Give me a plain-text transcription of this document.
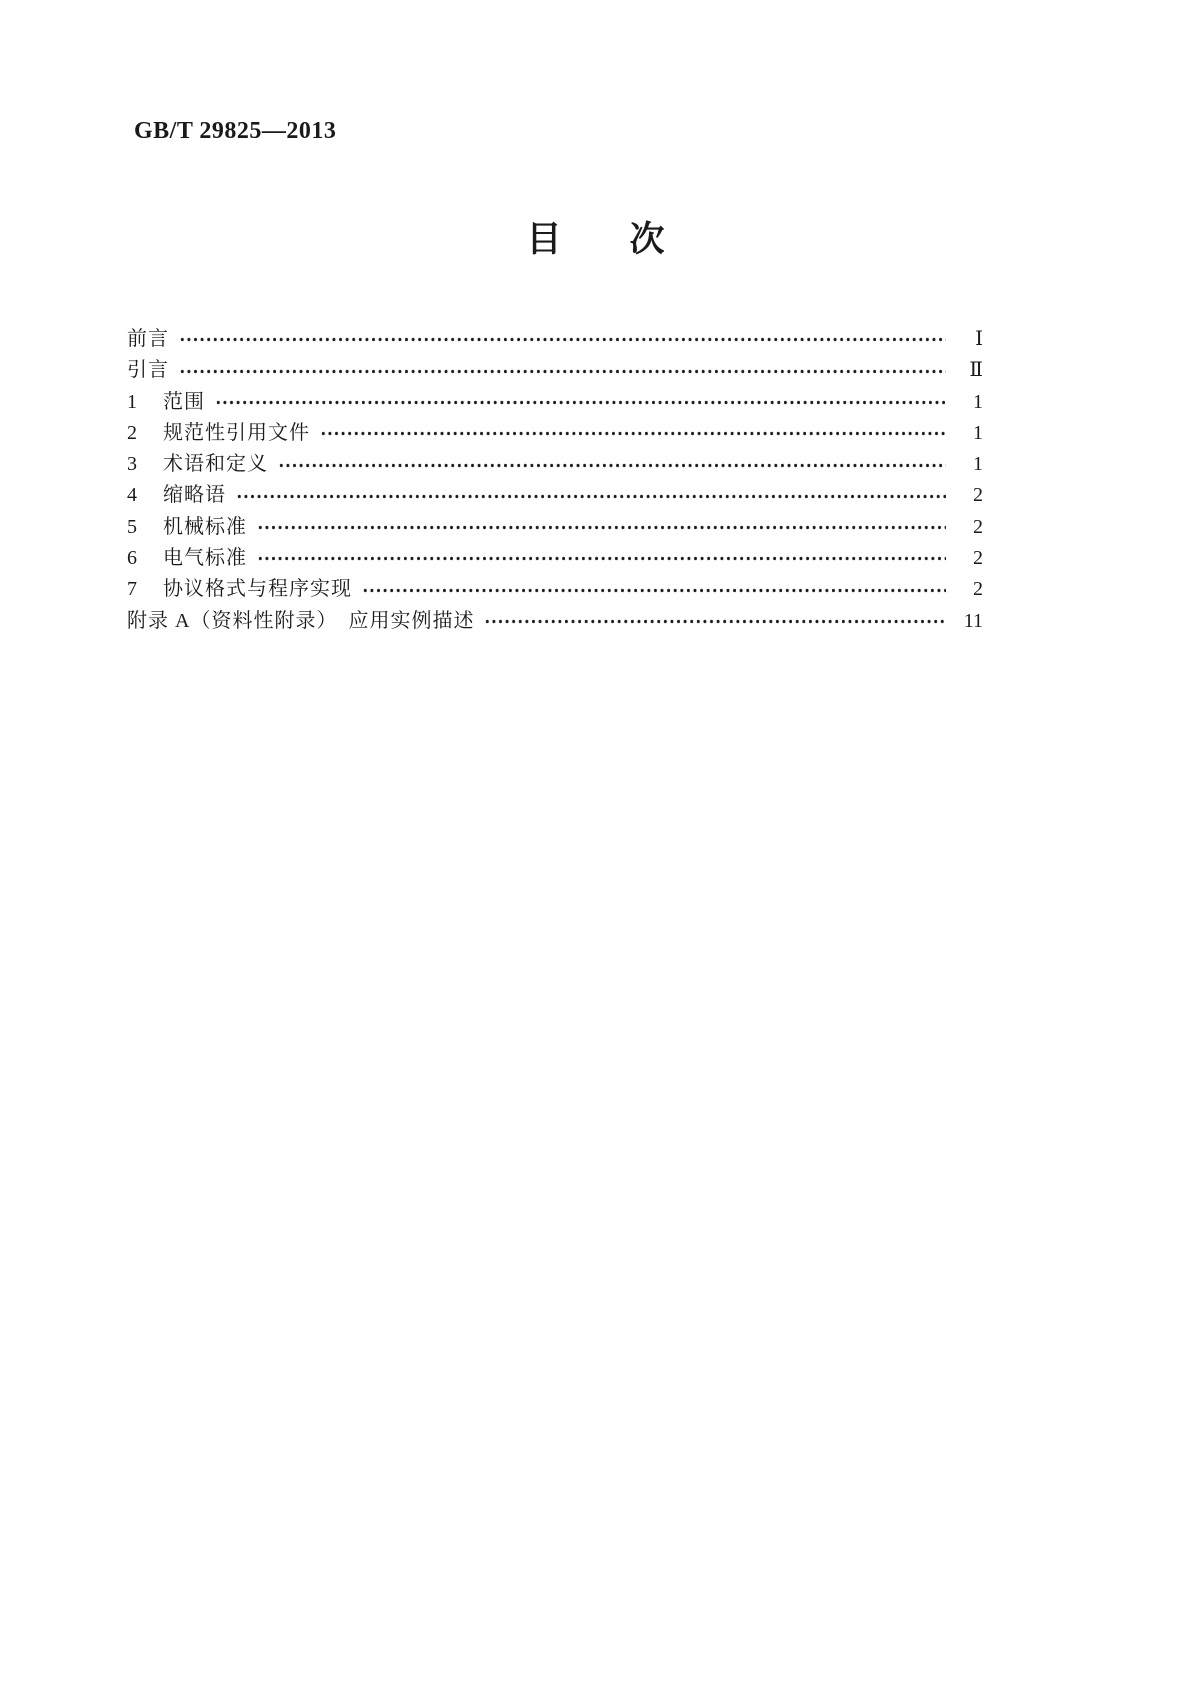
GB/T 29825—2013
目次
前言	Ⅰ
引言	Ⅱ
1	范围	1
2	规范性引用文件	1
3	术语和定义	1
4	缩略语	2
5	机械标准	2
6	电气标准	2
7	协议格式与程序实现	2
附录 A（资料性附录）　应用实例描述	11
